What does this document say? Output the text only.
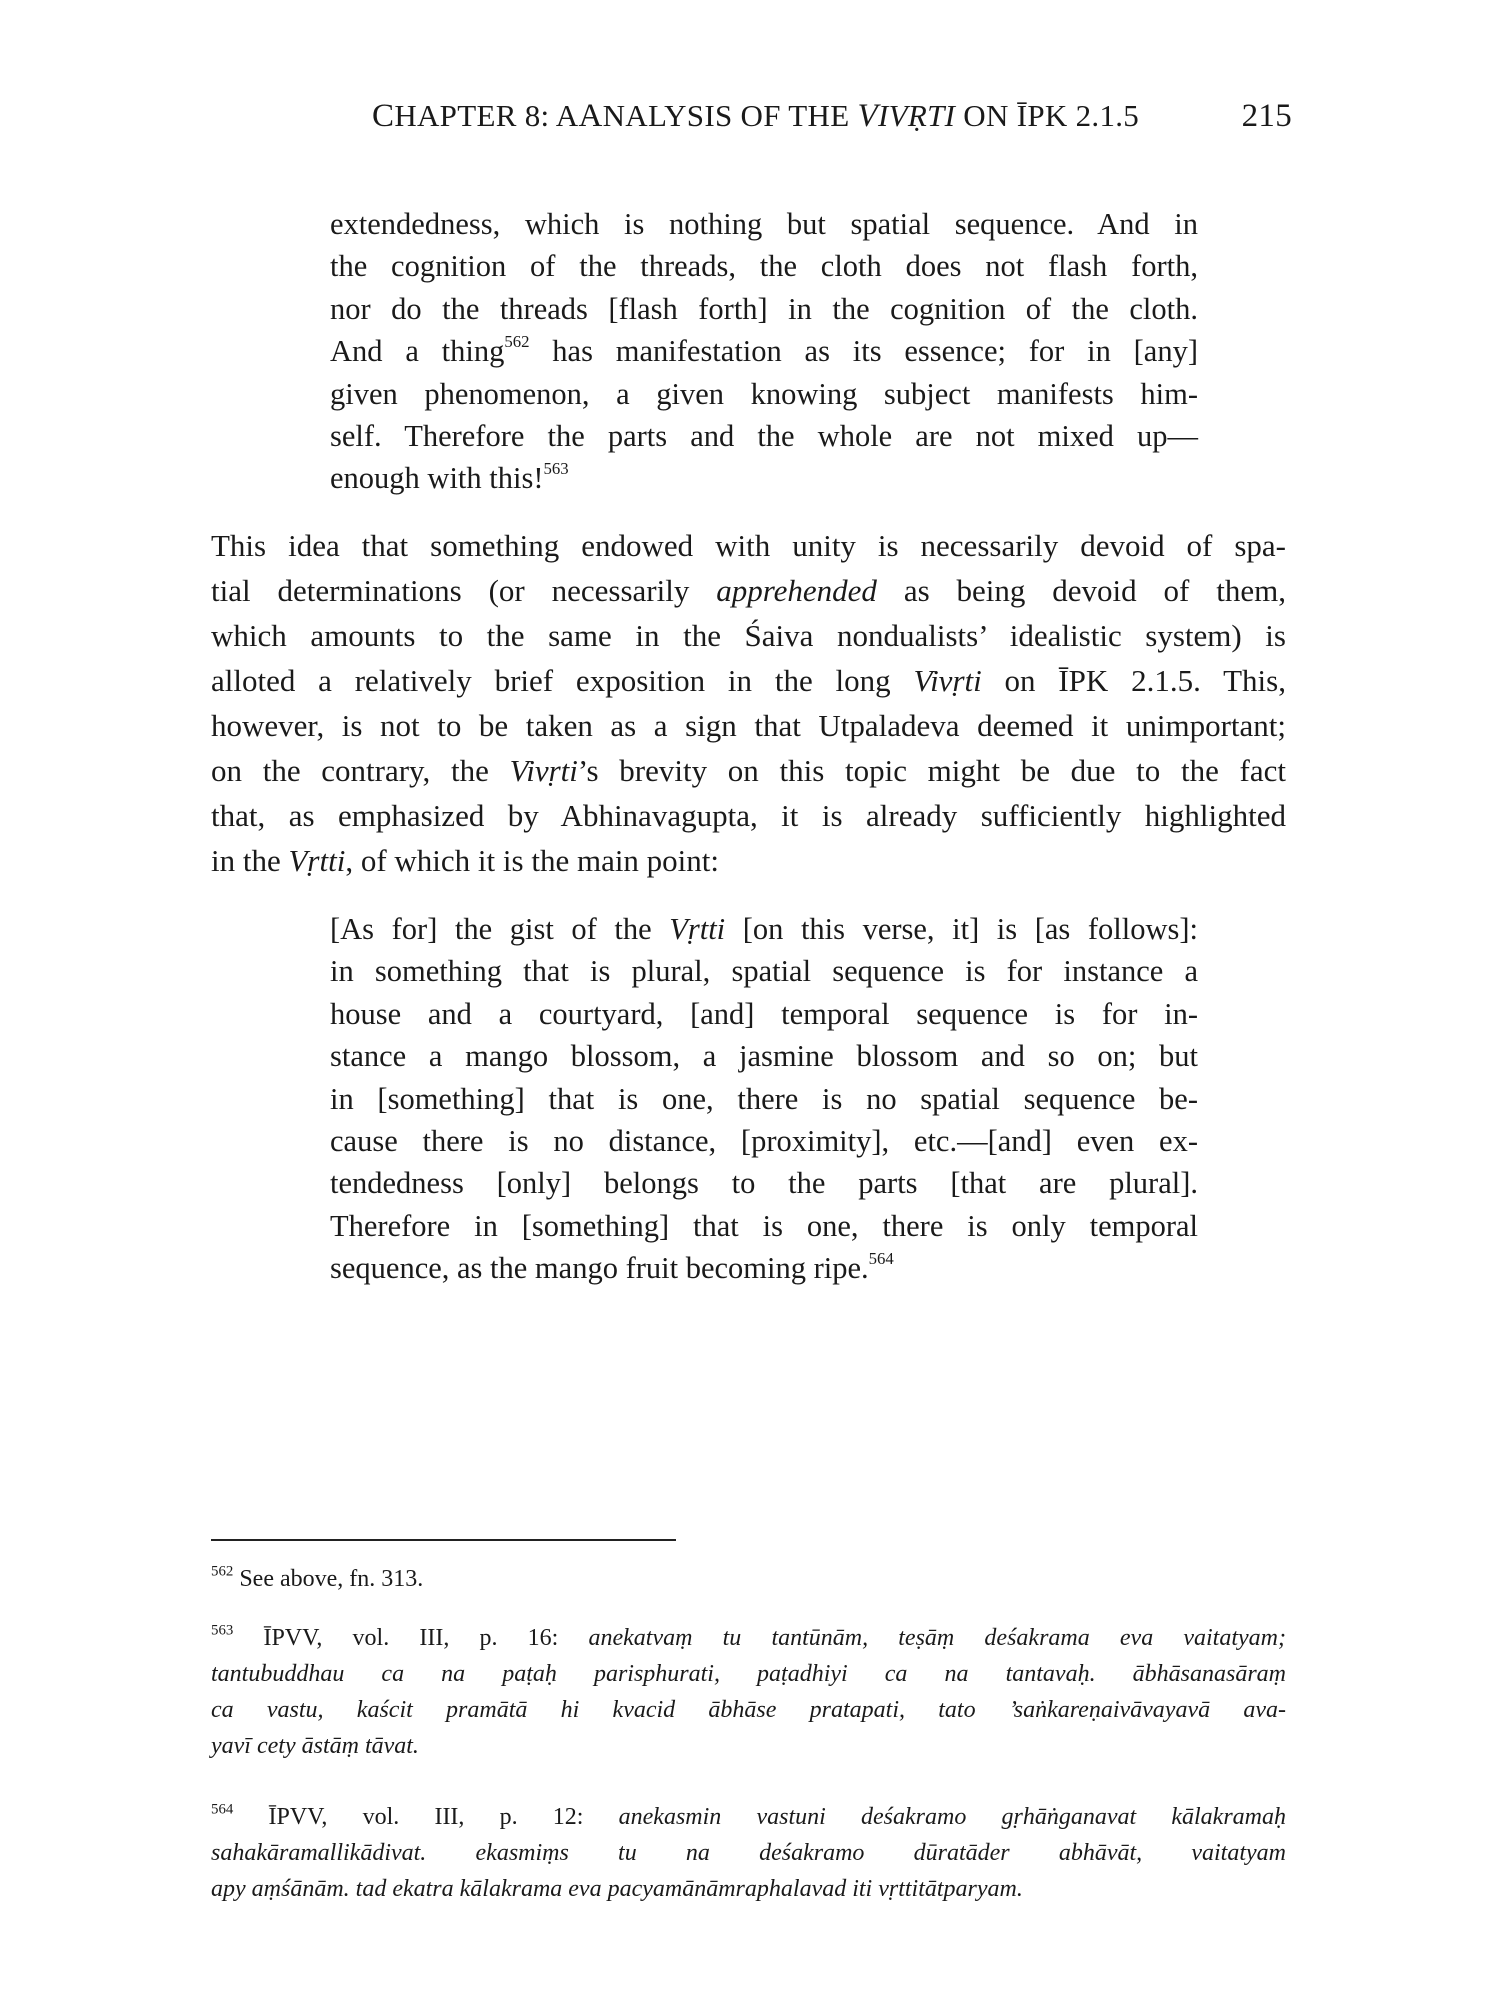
CHAPTER 8: AANALYSIS OF THE VIVṚTI ON ĪPK 2.1.5	215
extendedness, which is nothing but spatial sequence. And in
the cognition of the threads, the cloth does not flash forth,
nor do the threads [flash forth] in the cognition of the cloth.
And a thing$^{562}$ has manifestation as its essence; for in [any]
given phenomenon, a given knowing subject manifests him-
self. Therefore the parts and the whole are not mixed up—
enough with this!$^{563}$
This idea that something endowed with unity is necessarily devoid of spa-
tial determinations (or necessarily apprehended as being devoid of them,
which amounts to the same in the Śaiva nondualists’ idealistic system) is
alloted a relatively brief exposition in the long Vivṛti on ĪPK 2.1.5. This,
however, is not to be taken as a sign that Utpaladeva deemed it unimportant;
on the contrary, the Vivṛti’s brevity on this topic might be due to the fact
that, as emphasized by Abhinavagupta, it is already sufficiently highlighted
in the Vṛtti, of which it is the main point:
[As for] the gist of the Vṛtti [on this verse, it] is [as follows]:
in something that is plural, spatial sequence is for instance a
house and a courtyard, [and] temporal sequence is for in-
stance a mango blossom, a jasmine blossom and so on; but
in [something] that is one, there is no spatial sequence be-
cause there is no distance, [proximity], etc.—[and] even ex-
tendedness [only] belongs to the parts [that are plural].
Therefore in [something] that is one, there is only temporal
sequence, as the mango fruit becoming ripe.$^{564}$
$^{562}$ See above, fn. 313.
$^{563}$ ĪPVV, vol. III, p. 16: anekatvaṃ tu tantūnām, teṣāṃ deśakrama eva vaitatyam;
tantubuddhau ca na paṭaḥ parisphurati, paṭadhiyi ca na tantavaḥ. ābhāsanasāraṃ
ca vastu, kaścit pramātā hi kvacid ābhāse pratapati, tato ’saṅkareṇaivāvayavā ava-
yavī cety āstāṃ tāvat.
$^{564}$ ĪPVV, vol. III, p. 12: anekasmin vastuni deśakramo gṛhāṅganavat kālakramaḥ
sahakāramallikādivat. ekasmiṃs tu na deśakramo dūratāder abhāvāt, vaitatyam
apy aṃśānām. tad ekatra kālakrama eva pacyamānāmraphalavad iti vṛttitātparyam.
